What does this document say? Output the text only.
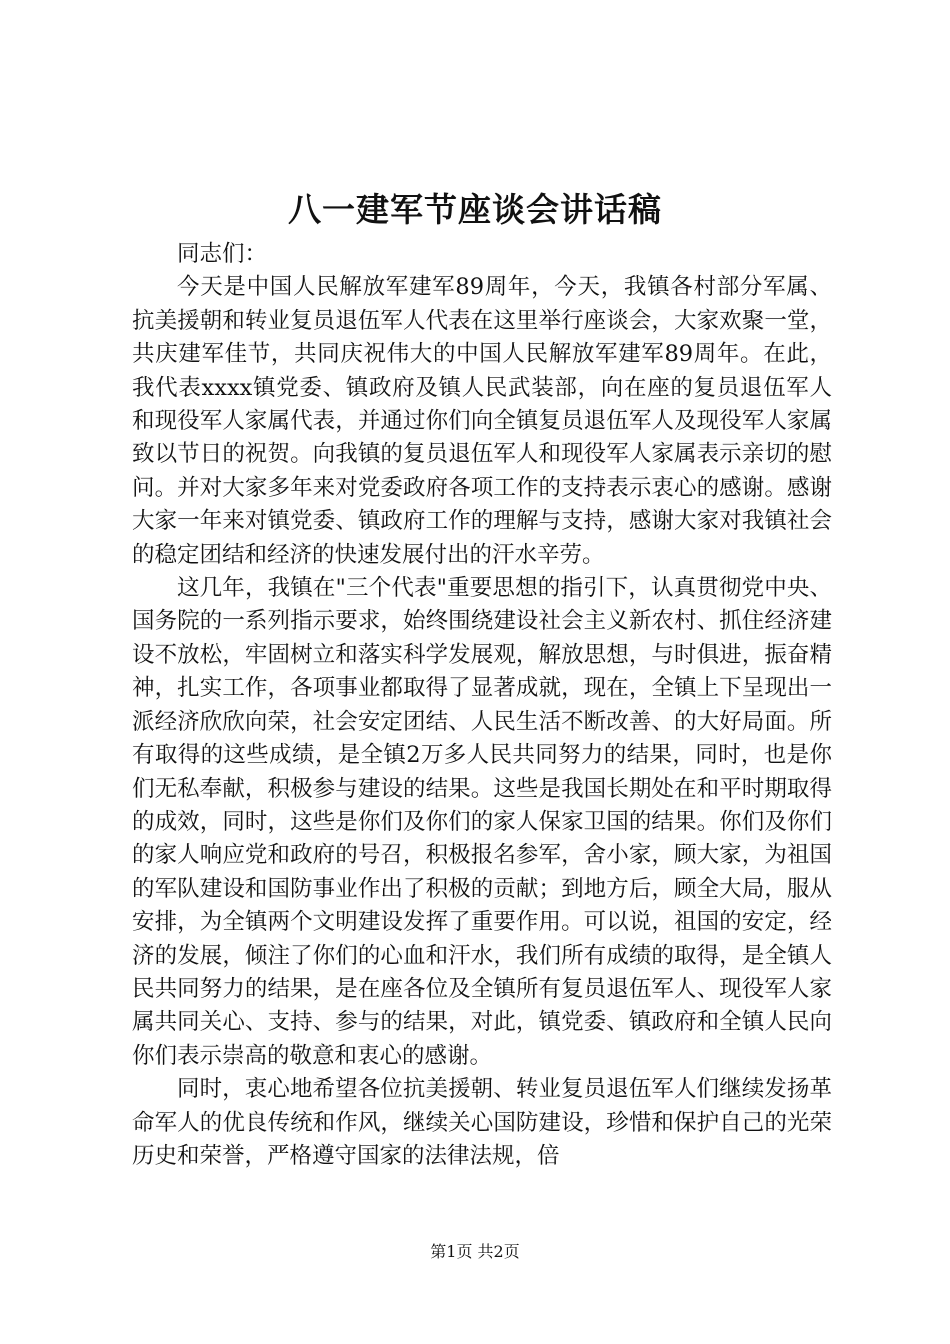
八一建军节座谈会讲话稿

同志们：

今天是中国人民解放军建军89周年，今天，我镇各村部分军属、抗美援朝和转业复员退伍军人代表在这里举行座谈会，大家欢聚一堂，共庆建军佳节，共同庆祝伟大的中国人民解放军建军89周年。在此，我代表xxxx镇党委、镇政府及镇人民武装部，向在座的复员退伍军人和现役军人家属代表，并通过你们向全镇复员退伍军人及现役军人家属致以节日的祝贺。向我镇的复员退伍军人和现役军人家属表示亲切的慰问。并对大家多年来对党委政府各项工作的支持表示衷心的感谢。感谢大家一年来对镇党委、镇政府工作的理解与支持，感谢大家对我镇社会的稳定团结和经济的快速发展付出的汗水辛劳。

这几年，我镇在"三个代表"重要思想的指引下，认真贯彻党中央、国务院的一系列指示要求，始终围绕建设社会主义新农村、抓住经济建设不放松，牢固树立和落实科学发展观，解放思想，与时俱进，振奋精神，扎实工作，各项事业都取得了显著成就，现在，全镇上下呈现出一派经济欣欣向荣，社会安定团结、人民生活不断改善、的大好局面。所有取得的这些成绩，是全镇2万多人民共同努力的结果，同时，也是你们无私奉献，积极参与建设的结果。这些是我国长期处在和平时期取得的成效，同时，这些是你们及你们的家人保家卫国的结果。你们及你们的家人响应党和政府的号召，积极报名参军，舍小家，顾大家，为祖国的军队建设和国防事业作出了积极的贡献；到地方后，顾全大局，服从安排，为全镇两个文明建设发挥了重要作用。可以说，祖国的安定，经济的发展，倾注了你们的心血和汗水，我们所有成绩的取得，是全镇人民共同努力的结果，是在座各位及全镇所有复员退伍军人、现役军人家属共同关心、支持、参与的结果，对此，镇党委、镇政府和全镇人民向你们表示崇高的敬意和衷心的感谢。

同时，衷心地希望各位抗美援朝、转业复员退伍军人们继续发扬革命军人的优良传统和作风，继续关心国防建设，珍惜和保护自己的光荣历史和荣誉，严格遵守国家的法律法规，倍

第1页 共2页
